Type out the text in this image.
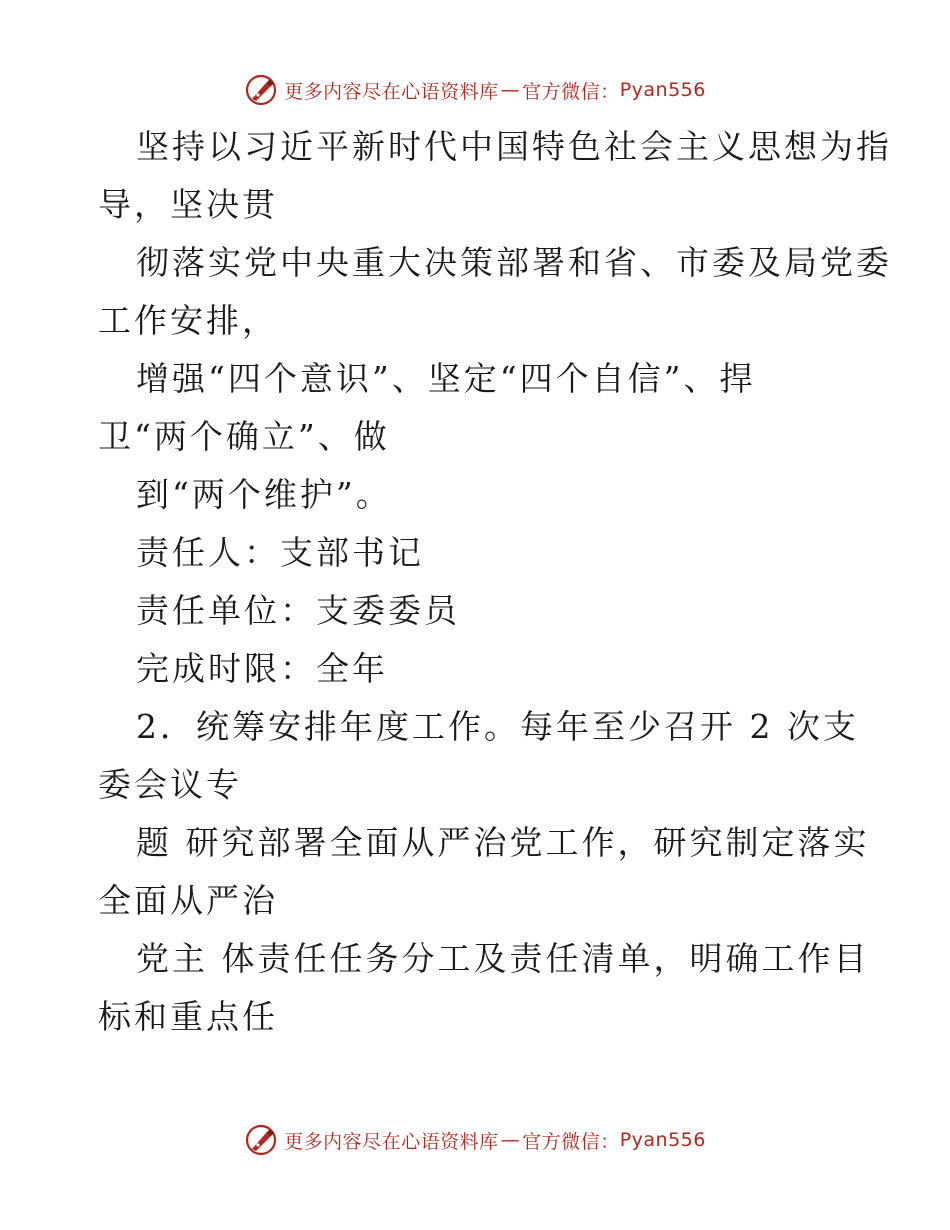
更多内容尽在心语资料库 — 官方微信： Pyan556
坚持以习近平新时代中国特色社会主义思想为指
导，坚决贯
彻落实党中央重大决策部署和省、市委及局党委
工作安排，
增强“四个意识”、坚定“四个自信”、捍
卫“两个确立”、做
到“两个维护”。
责任人：支部书记
责任单位：支委委员
完成时限：全年
2．统筹安排年度工作。每年至少召开 2 次支
委会议专
题 研究部署全面从严治党工作，研究制定落实
全面从严治
党主 体责任任务分工及责任清单，明确工作目
标和重点任
更多内容尽在心语资料库 — 官方微信： Pyan556
